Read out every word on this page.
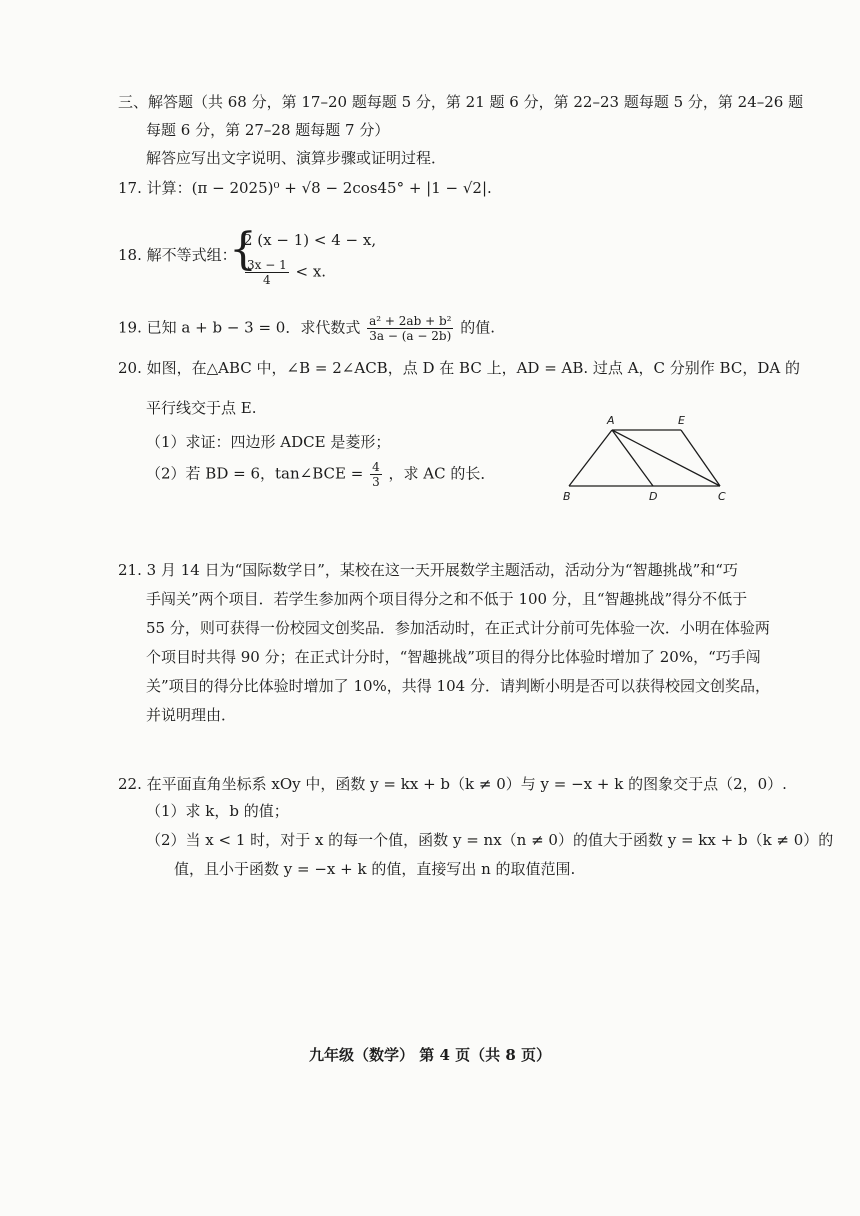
三、解答题（共 68 分，第 17–20 题每题 5 分，第 21 题 6 分，第 22–23 题每题 5 分，第 24–26 题
每题 6 分，第 27–28 题每题 7 分）
解答应写出文字说明、演算步骤或证明过程．
17. 计算：(π − 2025)⁰ + √8 − 2cos45° + |1 − √2|.
18. 解不等式组：
{
2 (x − 1) < 4 − x,
$\frac{3x - 1}{4} < x$.
19. 已知 a + b − 3 = 0．求代数式 $\frac{\text{a² + 2ab + b²}}{3a - (a - 2b)}$ 的值.
20. 如图，在△ABC 中，∠B = 2∠ACB，点 D 在 BC 上，AD = AB. 过点 A，C 分别作 BC，DA 的
平行线交于点 E.
（1）求证：四边形 ADCE 是菱形；
（2）若 BD = 6，tan∠BCE = $\frac{4}{3}$ ，求 AC 的长．
A	E
B	D	C
21. 3 月 14 日为“国际数学日”，某校在这一天开展数学主题活动，活动分为“智趣挑战”和“巧
手闯关”两个项目．若学生参加两个项目得分之和不低于 100 分，且“智趣挑战”得分不低于
55 分，则可获得一份校园文创奖品．参加活动时，在正式计分前可先体验一次．小明在体验两
个项目时共得 90 分；在正式计分时，“智趣挑战”项目的得分比体验时增加了 20%，“巧手闯
关”项目的得分比体验时增加了 10%，共得 104 分．请判断小明是否可以获得校园文创奖品，
并说明理由．
22. 在平面直角坐标系 xOy 中，函数 y = kx + b（k ≠ 0）与 y = −x + k 的图象交于点（2，0）.
（1）求 k，b 的值；
（2）当 x < 1 时，对于 x 的每一个值，函数 y = nx（n ≠ 0）的值大于函数 y = kx + b（k ≠ 0）的
值，且小于函数 y = −x + k 的值，直接写出 n 的取值范围.
九年级（数学） 第 4 页（共 8 页）
